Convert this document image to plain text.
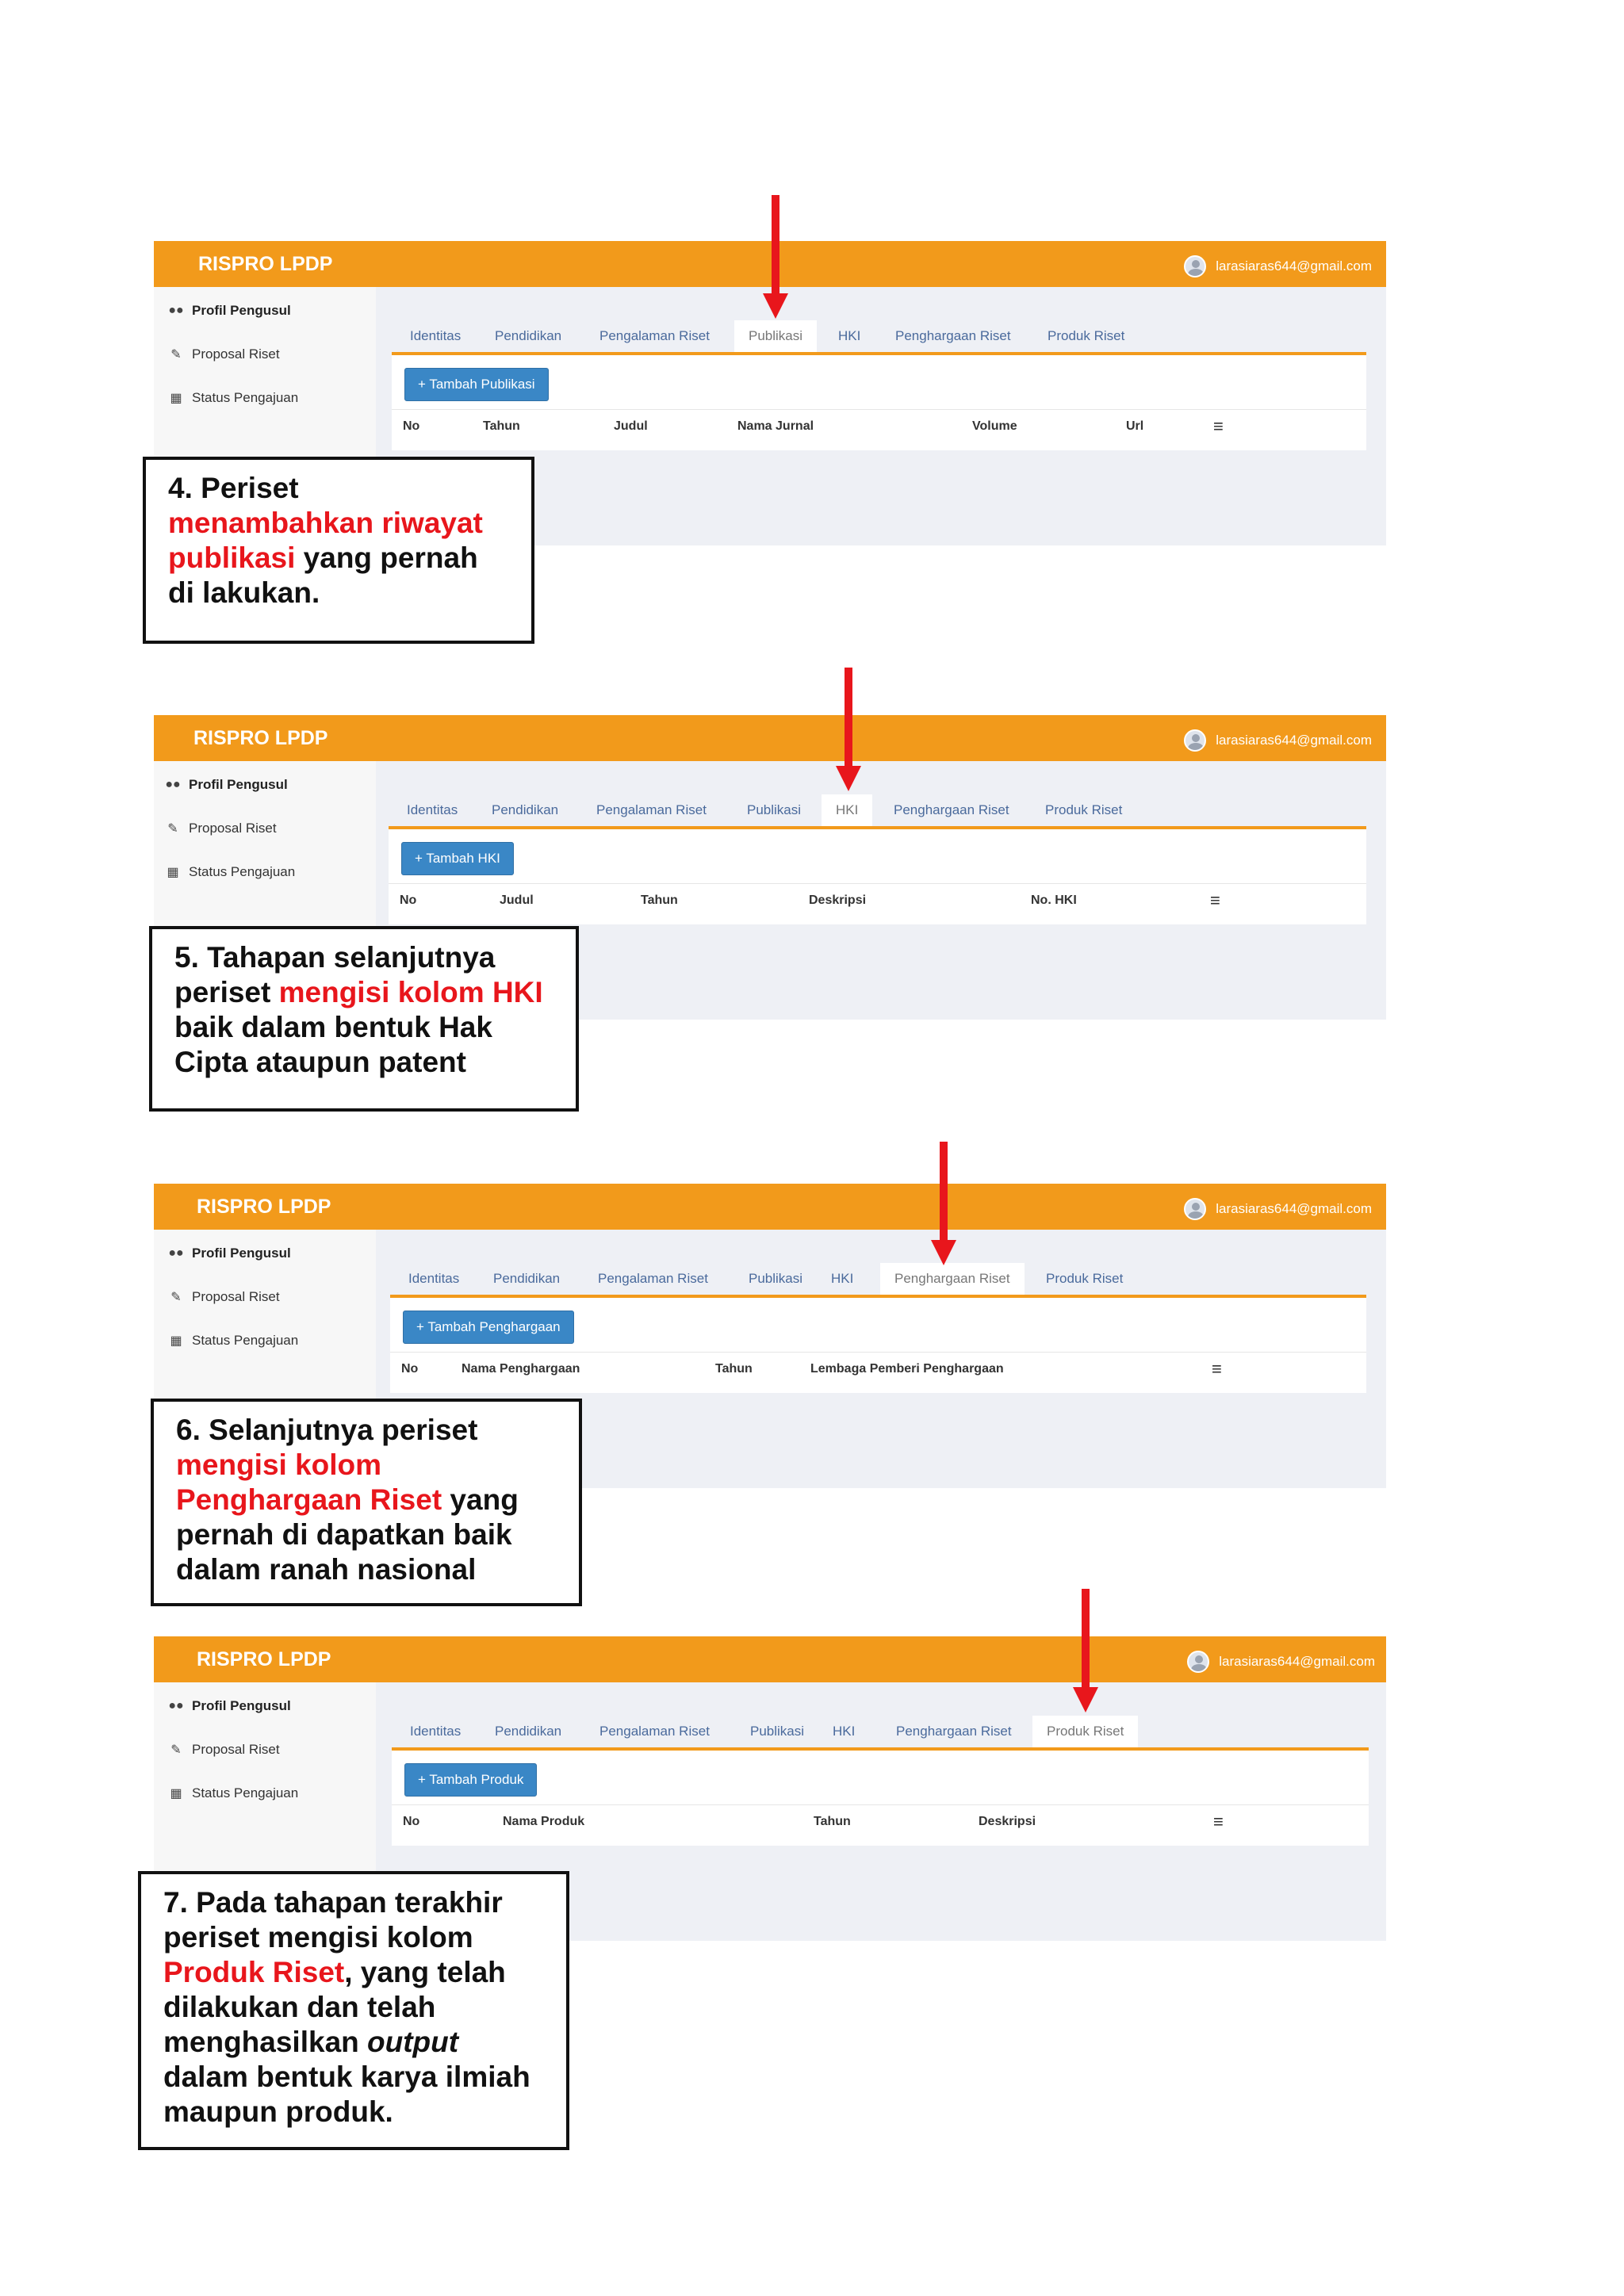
RISPRO LPDP	larasiaras644@gmail.com
●● Profil Pengusul
✎ Proposal Riset
▦ Status Pengajuan
Identitas	Pendidikan	Pengalaman Riset	Publikasi	HKI	Penghargaan Riset	Produk Riset
+ Tambah Publikasi
No	Tahun	Judul	Nama Jurnal	Volume	Url	≡

4. Periset

menambahkan riwayat

publikasi yang pernah

di lakukan.

RISPRO LPDP	larasiaras644@gmail.com
●● Profil Pengusul
✎ Proposal Riset
▦ Status Pengajuan
Identitas	Pendidikan	Pengalaman Riset	Publikasi	HKI	Penghargaan Riset	Produk Riset
+ Tambah HKI
No	Judul	Tahun	Deskripsi	No. HKI	≡

5. Tahapan selanjutnya

periset mengisi kolom HKI

baik dalam bentuk Hak

Cipta ataupun patent

RISPRO LPDP	larasiaras644@gmail.com
●● Profil Pengusul
✎ Proposal Riset
▦ Status Pengajuan
Identitas	Pendidikan	Pengalaman Riset	Publikasi HKI	Penghargaan Riset	Produk Riset
+ Tambah Penghargaan
No	Nama Penghargaan	Tahun	Lembaga Pemberi Penghargaan	≡

6. Selanjutnya periset

mengisi kolom

Penghargaan Riset yang

pernah di dapatkan baik

dalam ranah nasional

RISPRO LPDP	larasiaras644@gmail.com
●● Profil Pengusul
✎ Proposal Riset
▦ Status Pengajuan
Identitas	Pendidikan	Pengalaman Riset	Publikasi HKI	Penghargaan Riset	Produk Riset
+ Tambah Produk
No	Nama Produk	Tahun	Deskripsi	≡

7. Pada tahapan terakhir

periset mengisi kolom

Produk Riset, yang telah

dilakukan dan telah

menghasilkan output

dalam bentuk karya ilmiah

maupun produk.
